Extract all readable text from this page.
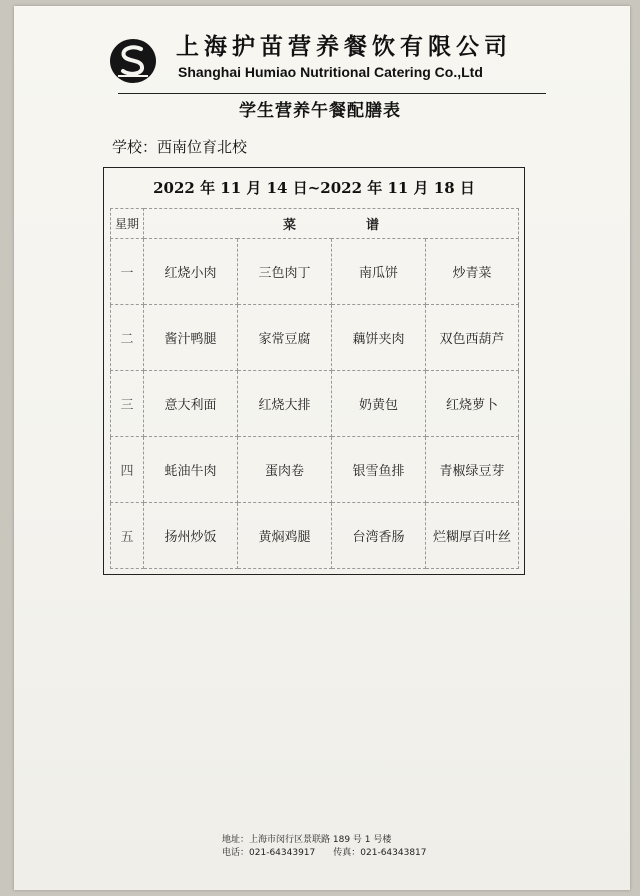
上海护苗营养餐饮有限公司
Shanghai Humiao Nutritional Catering Co.,Ltd
学生营养午餐配膳表
学校：西南位育北校
2022 年 11 月 14 日~2022 年 11 月 18 日
星期	菜谱			
一	红烧小肉	三色肉丁	南瓜饼	炒青菜
二	酱汁鸭腿	家常豆腐	藕饼夹肉	双色西葫芦
三	意大利面	红烧大排	奶黄包	红烧萝卜
四	蚝油牛肉	蛋肉卷	银雪鱼排	青椒绿豆芽
五	扬州炒饭	黄焖鸡腿	台湾香肠	烂糊厚百叶丝
地址：上海市闵行区景联路 189 号 1 号楼
电话：021-64343917 传真：021-64343817
